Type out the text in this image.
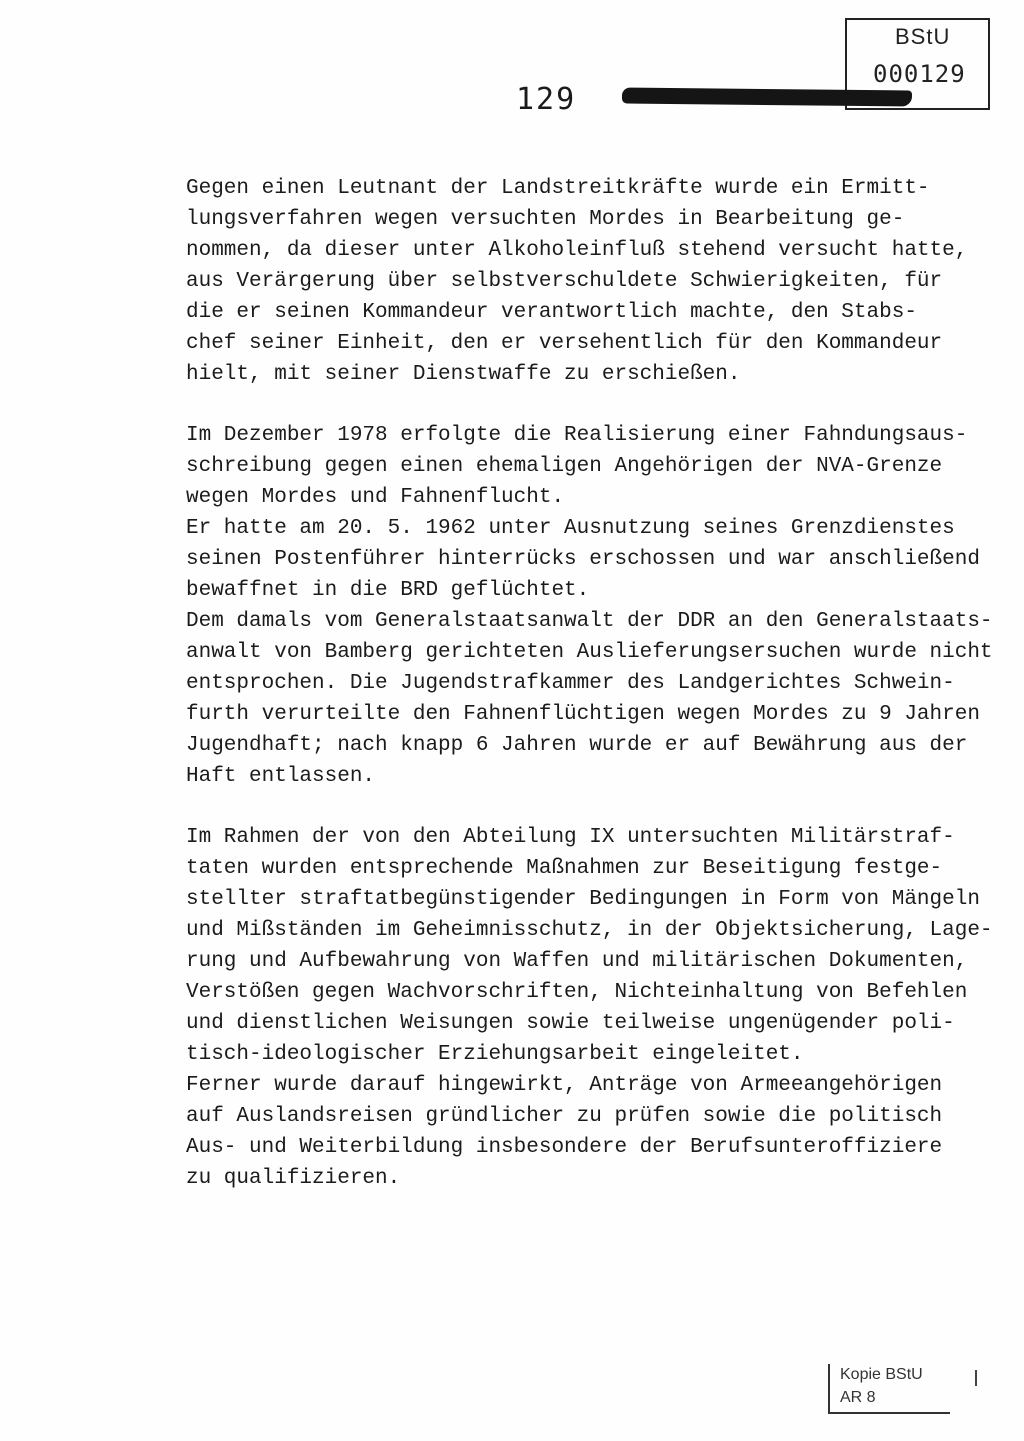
BStU
000129
129
Gegen einen Leutnant der Landstreitkräfte wurde ein Ermitt-
lungsverfahren wegen versuchten Mordes in Bearbeitung ge-
nommen, da dieser unter Alkoholeinfluß stehend versucht hatte,
aus Verärgerung über selbstverschuldete Schwierigkeiten, für
die er seinen Kommandeur verantwortlich machte, den Stabs-
chef seiner Einheit, den er versehentlich für den Kommandeur
hielt, mit seiner Dienstwaffe zu erschießen.
Im Dezember 1978 erfolgte die Realisierung einer Fahndungsaus-
schreibung gegen einen ehemaligen Angehörigen der NVA-Grenze
wegen Mordes und Fahnenflucht.
Er hatte am 20. 5. 1962 unter Ausnutzung seines Grenzdienstes
seinen Postenführer hinterrücks erschossen und war anschließend
bewaffnet in die BRD geflüchtet.
Dem damals vom Generalstaatsanwalt der DDR an den Generalstaats-
anwalt von Bamberg gerichteten Auslieferungsersuchen wurde nicht
entsprochen. Die Jugendstrafkammer des Landgerichtes Schwein-
furth verurteilte den Fahnenflüchtigen wegen Mordes zu 9 Jahren
Jugendhaft; nach knapp 6 Jahren wurde er auf Bewährung aus der
Haft entlassen.
Im Rahmen der von den Abteilung IX untersuchten Militärstraf-
taten wurden entsprechende Maßnahmen zur Beseitigung festge-
stellter straftatbegünstigender Bedingungen in Form von Mängeln
und Mißständen im Geheimnisschutz, in der Objektsicherung, Lage-
rung und Aufbewahrung von Waffen und militärischen Dokumenten,
Verstößen gegen Wachvorschriften, Nichteinhaltung von Befehlen
und dienstlichen Weisungen sowie teilweise ungenügender poli-
tisch-ideologischer Erziehungsarbeit eingeleitet.
Ferner wurde darauf hingewirkt, Anträge von Armeeangehörigen
auf Auslandsreisen gründlicher zu prüfen sowie die politisch
Aus- und Weiterbildung insbesondere der Berufsunteroffiziere
zu qualifizieren.
Kopie BStU
AR 8
